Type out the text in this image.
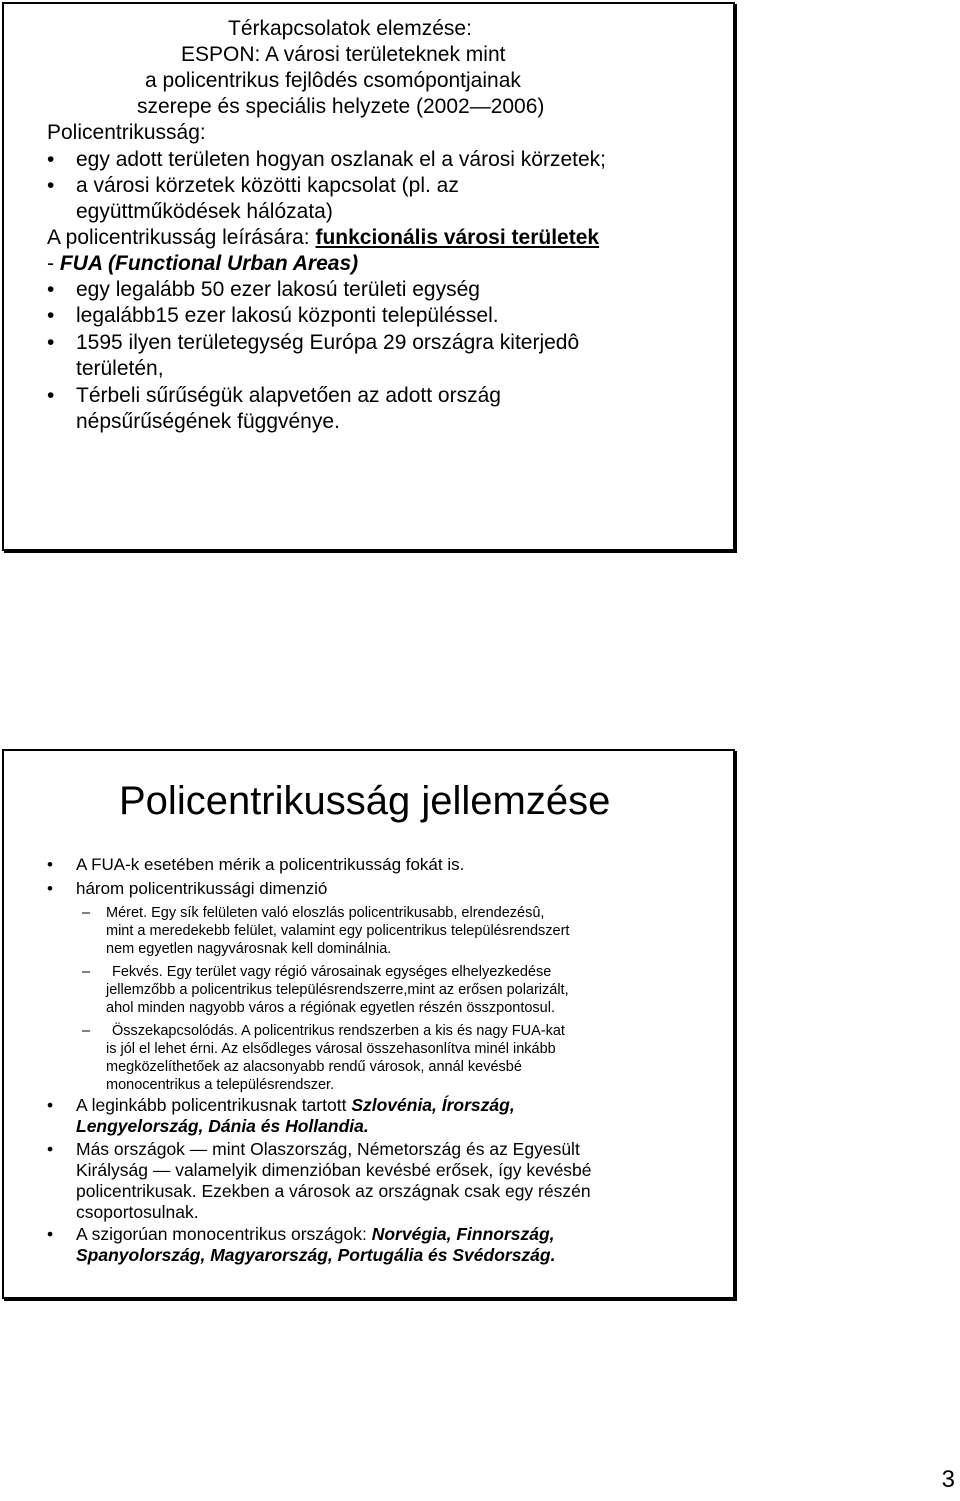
Térkapcsolatok elemzése:
ESPON: A városi területeknek mint
a policentrikus fejlôdés csomópontjainak
szerepe és speciális helyzete (2002—2006)
Policentrikusság:
• egy adott területen hogyan oszlanak el a városi körzetek;
• a városi körzetek közötti kapcsolat (pl. az
együttműködések hálózata)
A policentrikusság leírására: funkcionális városi területek
- FUA (Functional Urban Areas)
• egy legalább 50 ezer lakosú területi egység
• legalább15 ezer lakosú központi településsel.
• 1595 ilyen területegység Európa 29 országra kiterjedô
területén,
• Térbeli sűrűségük alapvetően az adott ország
népsűrűségének függvénye.
Policentrikusság jellemzése
• A FUA-k esetében mérik a policentrikusság fokát is.
• három policentrikussági dimenzió
– Méret. Egy sík felületen való eloszlás policentrikusabb, elrendezésû,
mint a meredekebb felület, valamint egy policentrikus településrendszert
nem egyetlen nagyvárosnak kell dominálnia.
– Fekvés. Egy terület vagy régió városainak egységes elhelyezkedése
jellemzőbb a policentrikus településrendszerre,mint az erősen polarizált,
ahol minden nagyobb város a régiónak egyetlen részén összpontosul.
– Összekapcsolódás. A policentrikus rendszerben a kis és nagy FUA-kat
is jól el lehet érni. Az elsődleges városal összehasonlítva minél inkább
megközelíthetőek az alacsonyabb rendű városok, annál kevésbé
monocentrikus a településrendszer.
• A leginkább policentrikusnak tartott Szlovénia, Írország,
Lengyelország, Dánia és Hollandia.
• Más országok — mint Olaszország, Németország és az Egyesült
Királyság — valamelyik dimenzióban kevésbé erősek, így kevésbé
policentrikusak. Ezekben a városok az országnak csak egy részén
csoportosulnak.
• A szigorúan monocentrikus országok: Norvégia, Finnország,
Spanyolország, Magyarország, Portugália és Svédország.
3
